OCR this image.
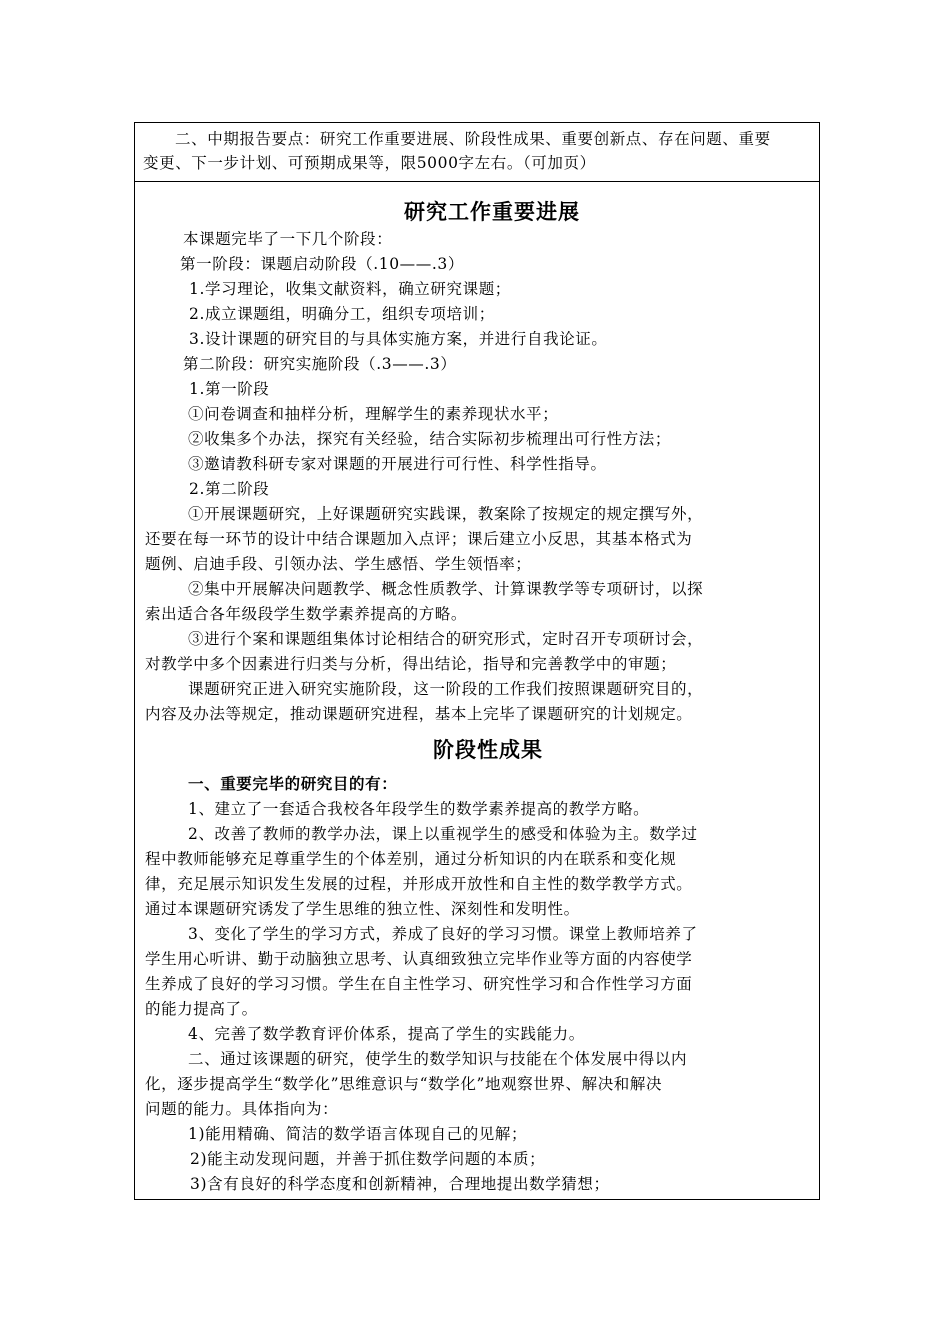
二、中期报告要点：研究工作重要进展、阶段性成果、重要创新点、存在问题、重要
变更、下一步计划、可预期成果等，限5000字左右。（可加页）
研究工作重要进展
本课题完毕了一下几个阶段：
第一阶段：课题启动阶段（.10——.3）
1.学习理论，收集文献资料，确立研究课题；
2.成立课题组，明确分工，组织专项培训；
3.设计课题的研究目的与具体实施方案，并进行自我论证。
第二阶段：研究实施阶段（.3——.3）
1.第一阶段
①问卷调查和抽样分析，理解学生的素养现状水平；
②收集多个办法，探究有关经验，结合实际初步梳理出可行性方法；
③邀请教科研专家对课题的开展进行可行性、科学性指导。
2.第二阶段
①开展课题研究，上好课题研究实践课，教案除了按规定的规定撰写外，
还要在每一环节的设计中结合课题加入点评；课后建立小反思，其基本格式为
题例、启迪手段、引领办法、学生感悟、学生领悟率；
②集中开展解决问题教学、概念性质教学、计算课教学等专项研讨，以探
索出适合各年级段学生数学素养提高的方略。
③进行个案和课题组集体讨论相结合的研究形式，定时召开专项研讨会，
对教学中多个因素进行归类与分析，得出结论，指导和完善教学中的审题；
课题研究正进入研究实施阶段，这一阶段的工作我们按照课题研究目的，
内容及办法等规定，推动课题研究进程，基本上完毕了课题研究的计划规定。
阶段性成果
一、重要完毕的研究目的有：
1、建立了一套适合我校各年段学生的数学素养提高的教学方略。
2、改善了教师的教学办法，课上以重视学生的感受和体验为主。数学过
程中教师能够充足尊重学生的个体差别，通过分析知识的内在联系和变化规
律，充足展示知识发生发展的过程，并形成开放性和自主性的数学教学方式。
通过本课题研究诱发了学生思维的独立性、深刻性和发明性。
3、变化了学生的学习方式，养成了良好的学习习惯。课堂上教师培养了
学生用心听讲、勤于动脑独立思考、认真细致独立完毕作业等方面的内容使学
生养成了良好的学习习惯。学生在自主性学习、研究性学习和合作性学习方面
的能力提高了。
4、完善了数学教育评价体系，提高了学生的实践能力。
二、通过该课题的研究，使学生的数学知识与技能在个体发展中得以内
化，逐步提高学生“数学化”思维意识与“数学化”地观察世界、解决和解决
问题的能力。具体指向为：
1)能用精确、简洁的数学语言体现自己的见解；
2)能主动发现问题，并善于抓住数学问题的本质；
3)含有良好的科学态度和创新精神，合理地提出数学猜想；
